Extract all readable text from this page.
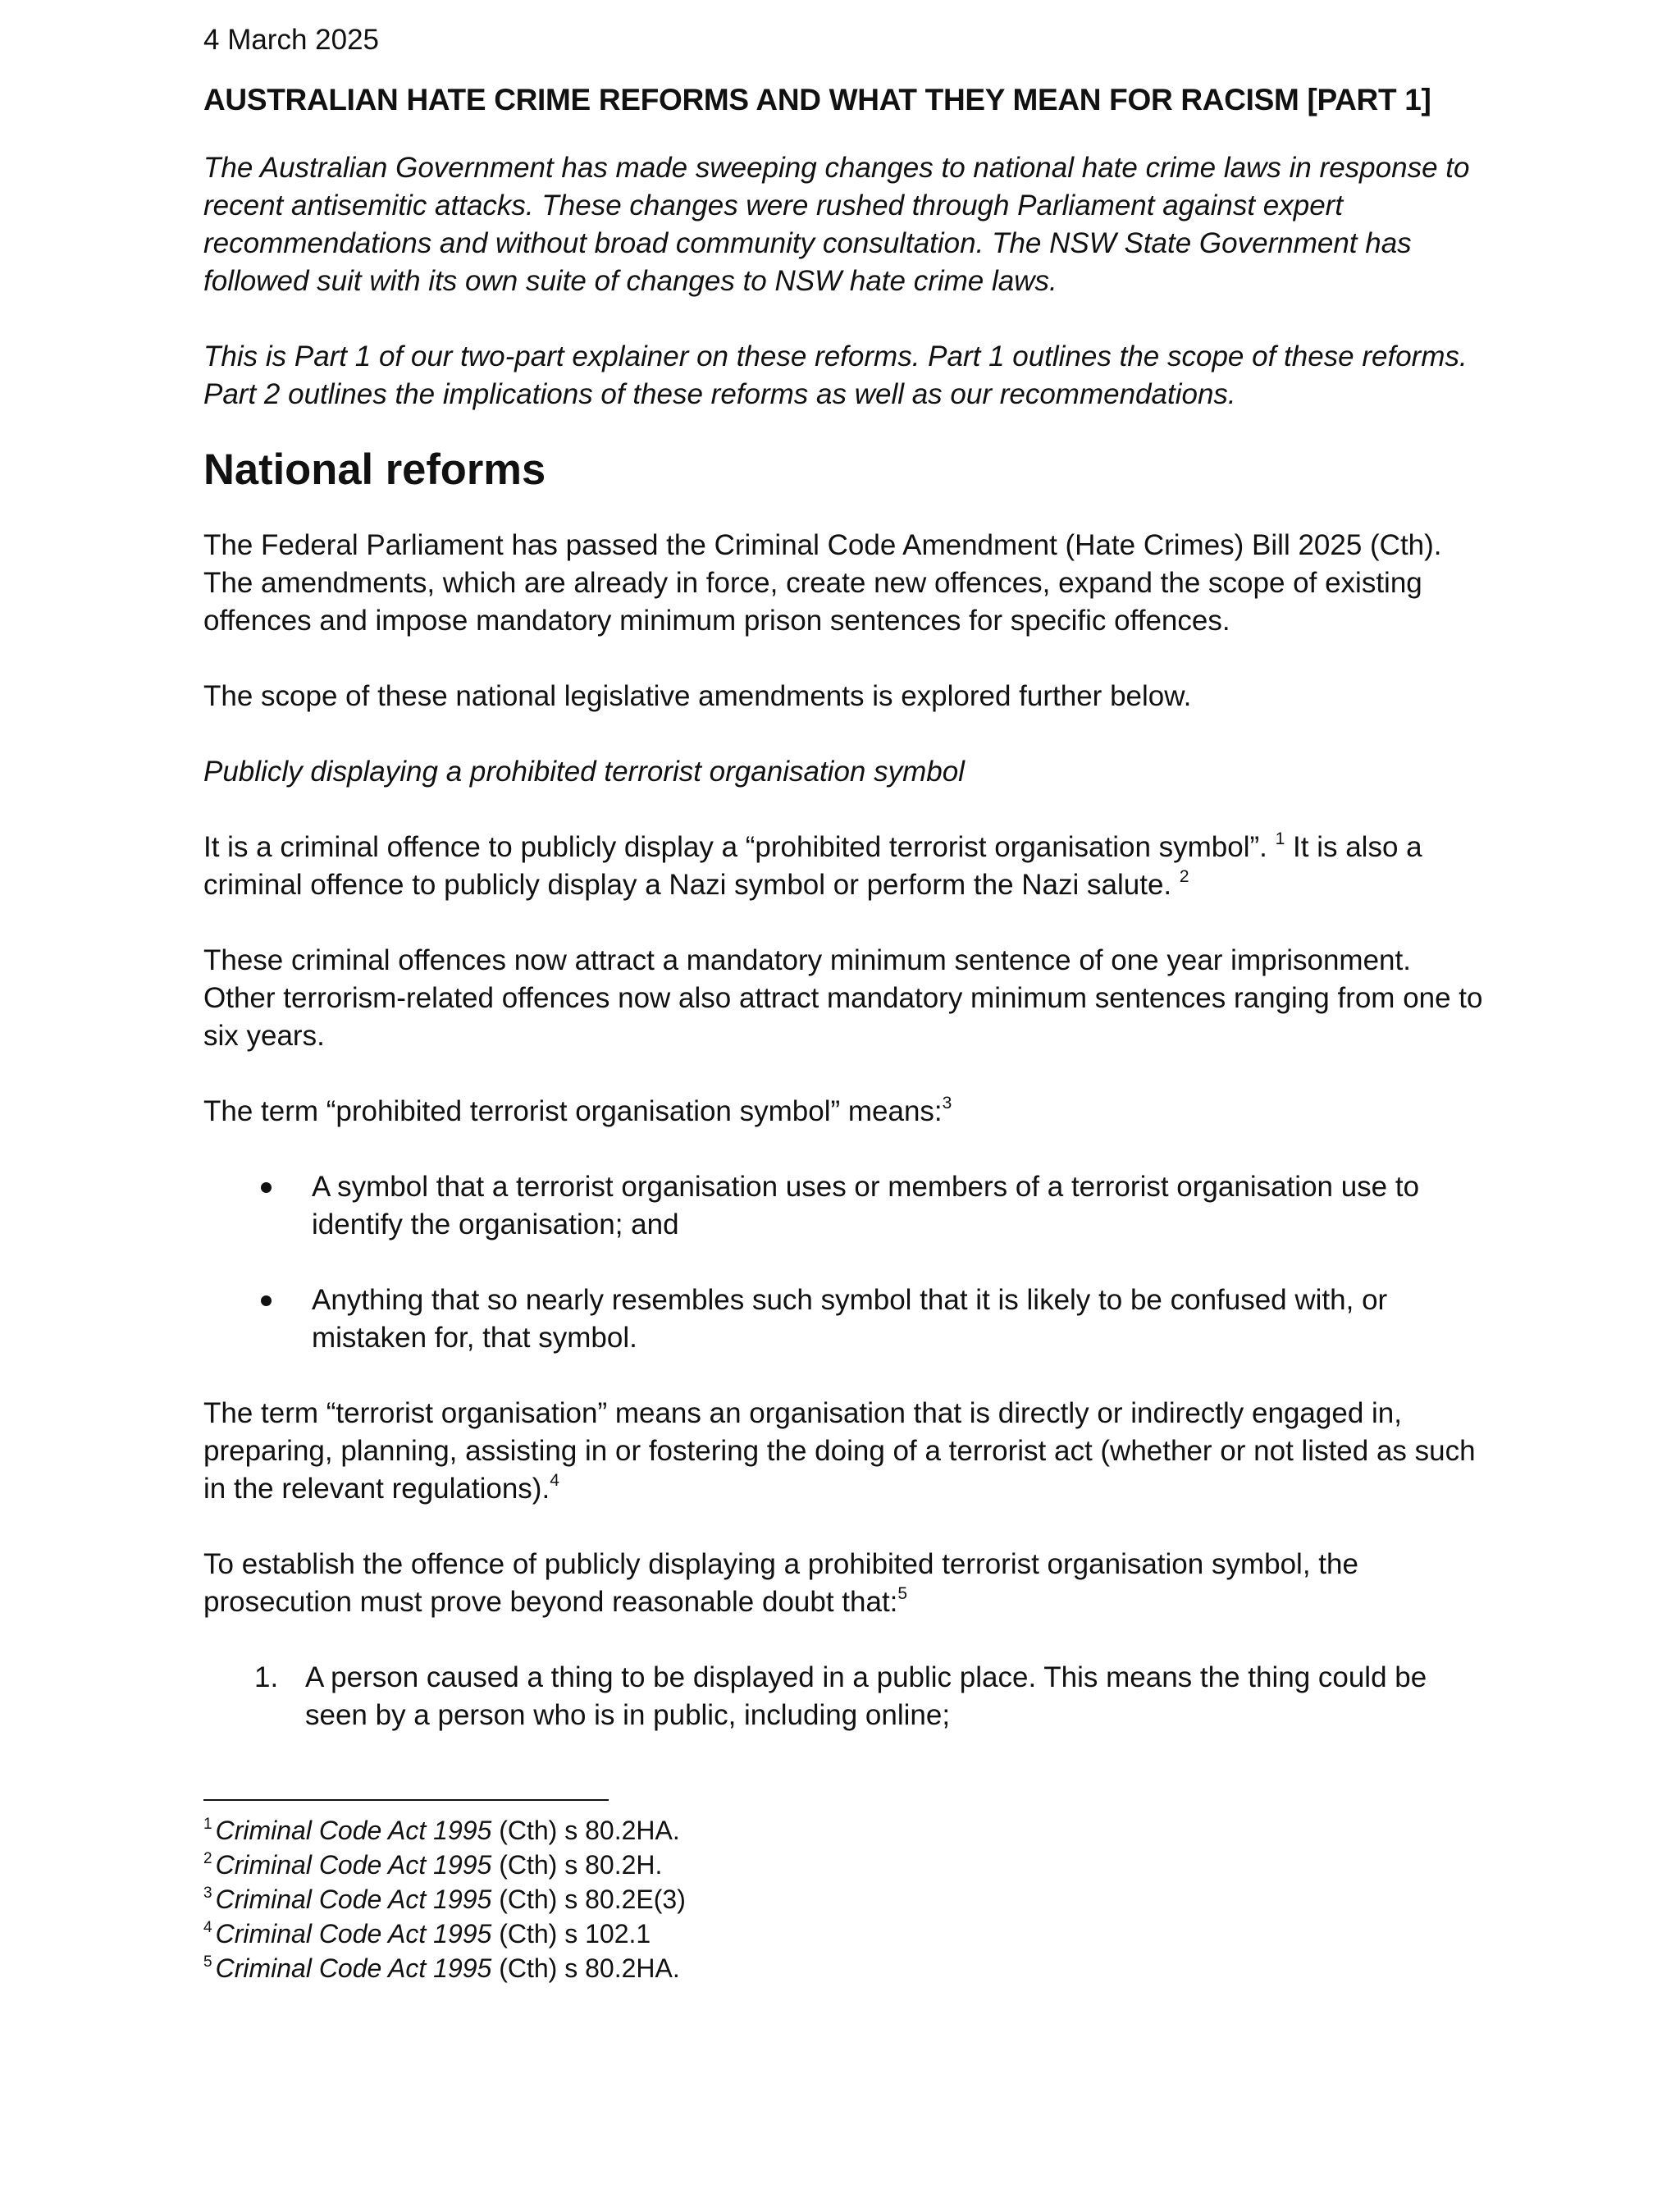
4 March 2025

AUSTRALIAN HATE CRIME REFORMS AND WHAT THEY MEAN FOR RACISM [PART 1]

The Australian Government has made sweeping changes to national hate crime laws in response to recent antisemitic attacks. These changes were rushed through Parliament against expert recommendations and without broad community consultation. The NSW State Government has followed suit with its own suite of changes to NSW hate crime laws.

This is Part 1 of our two-part explainer on these reforms. Part 1 outlines the scope of these reforms. Part 2 outlines the implications of these reforms as well as our recommendations.

National reforms

The Federal Parliament has passed the Criminal Code Amendment (Hate Crimes) Bill 2025 (Cth). The amendments, which are already in force, create new offences, expand the scope of existing offences and impose mandatory minimum prison sentences for specific offences.

The scope of these national legislative amendments is explored further below.

Publicly displaying a prohibited terrorist organisation symbol

It is a criminal offence to publicly display a “prohibited terrorist organisation symbol”. $^1$ It is also a criminal offence to publicly display a Nazi symbol or perform the Nazi salute. $^2$

These criminal offences now attract a mandatory minimum sentence of one year imprisonment. Other terrorism-related offences now also attract mandatory minimum sentences ranging from one to six years.

The term “prohibited terrorist organisation symbol” means:$^3$

A symbol that a terrorist organisation uses or members of a terrorist organisation use to identify the organisation; and
Anything that so nearly resembles such symbol that it is likely to be confused with, or mistaken for, that symbol.

The term “terrorist organisation” means an organisation that is directly or indirectly engaged in, preparing, planning, assisting in or fostering the doing of a terrorist act (whether or not listed as such in the relevant regulations).$^4$

To establish the offence of publicly displaying a prohibited terrorist organisation symbol, the prosecution must prove beyond reasonable doubt that:$^5$

1. A person caused a thing to be displayed in a public place. This means the thing could be seen by a person who is in public, including online;
$^1$ Criminal Code Act 1995 (Cth) s 80.2HA.
$^2$ Criminal Code Act 1995 (Cth) s 80.2H.
$^3$ Criminal Code Act 1995 (Cth) s 80.2E(3)
$^4$ Criminal Code Act 1995 (Cth) s 102.1
$^5$ Criminal Code Act 1995 (Cth) s 80.2HA.
